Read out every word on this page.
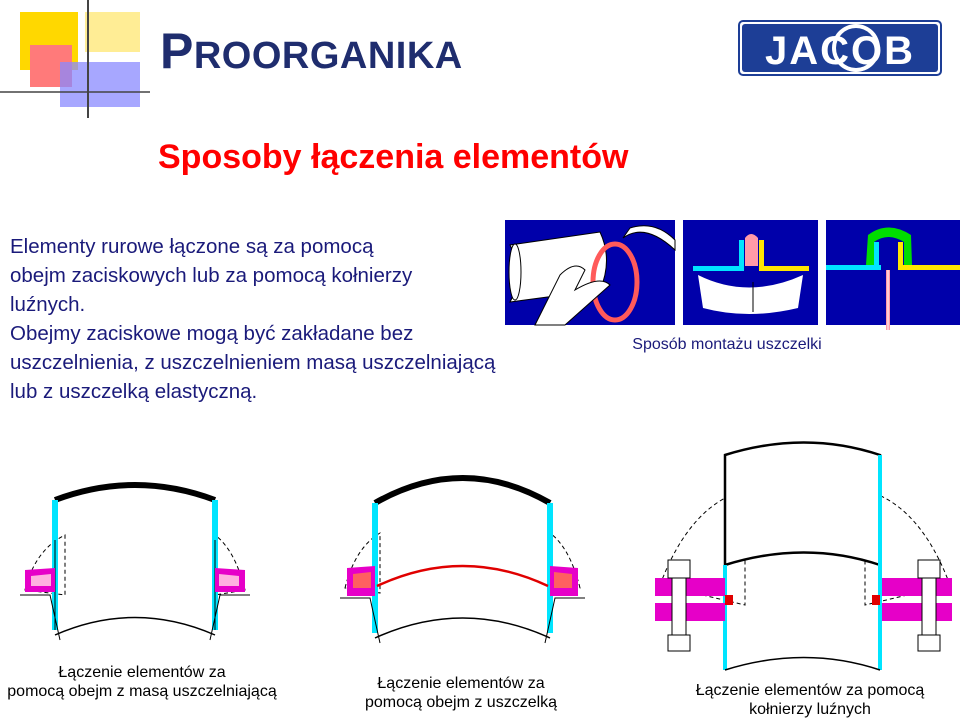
PROORGANIKA	JACOB
Sposoby łączenia elementów

Elementy rurowe łączone są za pomocą

obejm zaciskowych lub za pomocą kołnierzy

luźnych.

Obejmy zaciskowe mogą być zakładane bez

uszczelnienia, z uszczelnieniem masą uszczelniającą

lub z uszczelką elastyczną.

Sposób montażu uszczelki
Łączenie elementów za
pomocą obejm z masą uszczelniającą	Łączenie elementów za
pomocą obejm z uszczelką
Łączenie elementów za pomocą
kołnierzy luźnych
